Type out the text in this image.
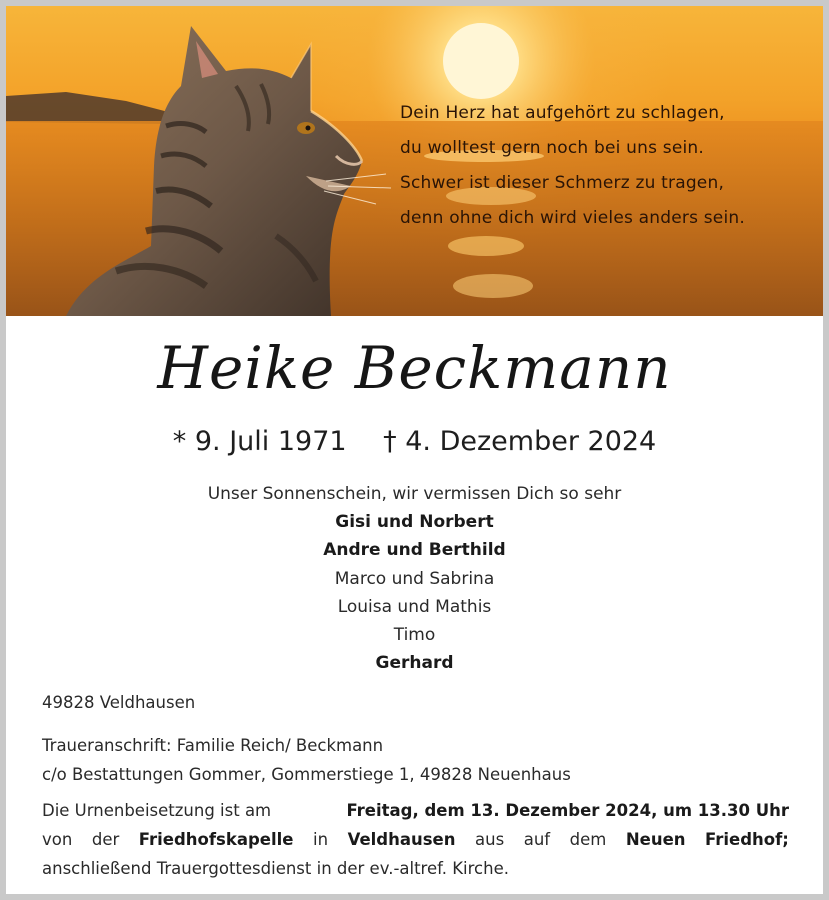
Dein Herz hat aufgehört zu schlagen,
du wolltest gern noch bei uns sein.
Schwer ist dieser Schmerz zu tragen,
denn ohne dich wird vieles anders sein.
Heike Beckmann
* 9. Juli 1971 † 4. Dezember 2024
Unser Sonnenschein, wir vermissen Dich so sehr
Gisi und Norbert
Andre und Berthild
Marco und Sabrina
Louisa und Mathis
Timo
Gerhard
49828 Veldhausen
Traueranschrift: Familie Reich/ Beckmann
c/o Bestattungen Gommer, Gommerstiege 1, 49828 Neuenhaus
Die Urnenbeisetzung ist am	Freitag, dem 13. Dezember 2024, um 13.30 Uhr
von der Friedhofskapelle in Veldhausen aus auf dem Neuen Friedhof;
anschließend Trauergottesdienst in der ev.-altref. Kirche.
